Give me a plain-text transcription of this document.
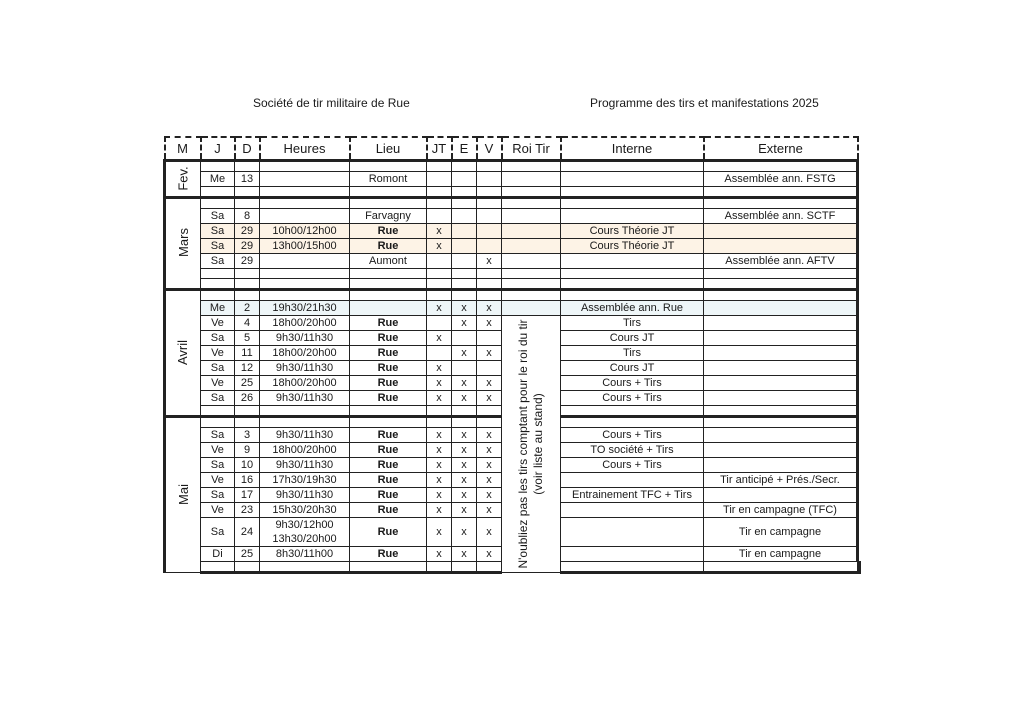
Société de tir militaire de Rue	Programme des tirs et manifestations 2025
M	J	D	Heures	Lieu	JT	E	V	Roi Tir	Interne	Externe	
Fev.											
	Me	13		Romont						Assemblée ann. FSTG	

Mars											
	Sa	8		Farvagny						Assemblée ann. SCTF	
	Sa	29	10h00/12h00	Rue	x				Cours Théorie JT		
	Sa	29	13h00/15h00	Rue	x				Cours Théorie JT		
	Sa	29		Aumont			x			Assemblée ann. AFTV	

Avril											
	Me	2	19h30/21h30		x	x	x		Assemblée ann. Rue		
	Ve	4	18h00/20h00	Rue		x	x	N'oubliez pas les tirs comptant pour le roi du tir (voir liste au stand)	Tirs		
	Sa	5	9h30/11h30	Rue	x				Cours JT		
	Ve	11	18h00/20h00	Rue		x	x		Tirs		
	Sa	12	9h30/11h30	Rue	x				Cours JT		
	Ve	25	18h00/20h00	Rue	x	x	x		Cours + Tirs		
	Sa	26	9h30/11h30	Rue	x	x	x		Cours + Tirs		

Mai											
	Sa	3	9h30/11h30	Rue	x	x	x		Cours + Tirs		
	Ve	9	18h00/20h00	Rue	x	x	x		TO société + Tirs		
	Sa	10	9h30/11h30	Rue	x	x	x		Cours + Tirs		
	Ve	16	17h30/19h30	Rue	x	x	x			Tir anticipé + Prés./Secr.	
	Sa	17	9h30/11h30	Rue	x	x	x		Entrainement TFC + Tirs		
	Ve	23	15h30/20h30	Rue	x	x	x			Tir en campagne (TFC)	
	Sa	24	9h30/12h00
13h30/20h00	Rue	x	x	x			Tir en campagne	
	Di	25	8h30/11h00	Rue	x	x	x			Tir en campagne	
